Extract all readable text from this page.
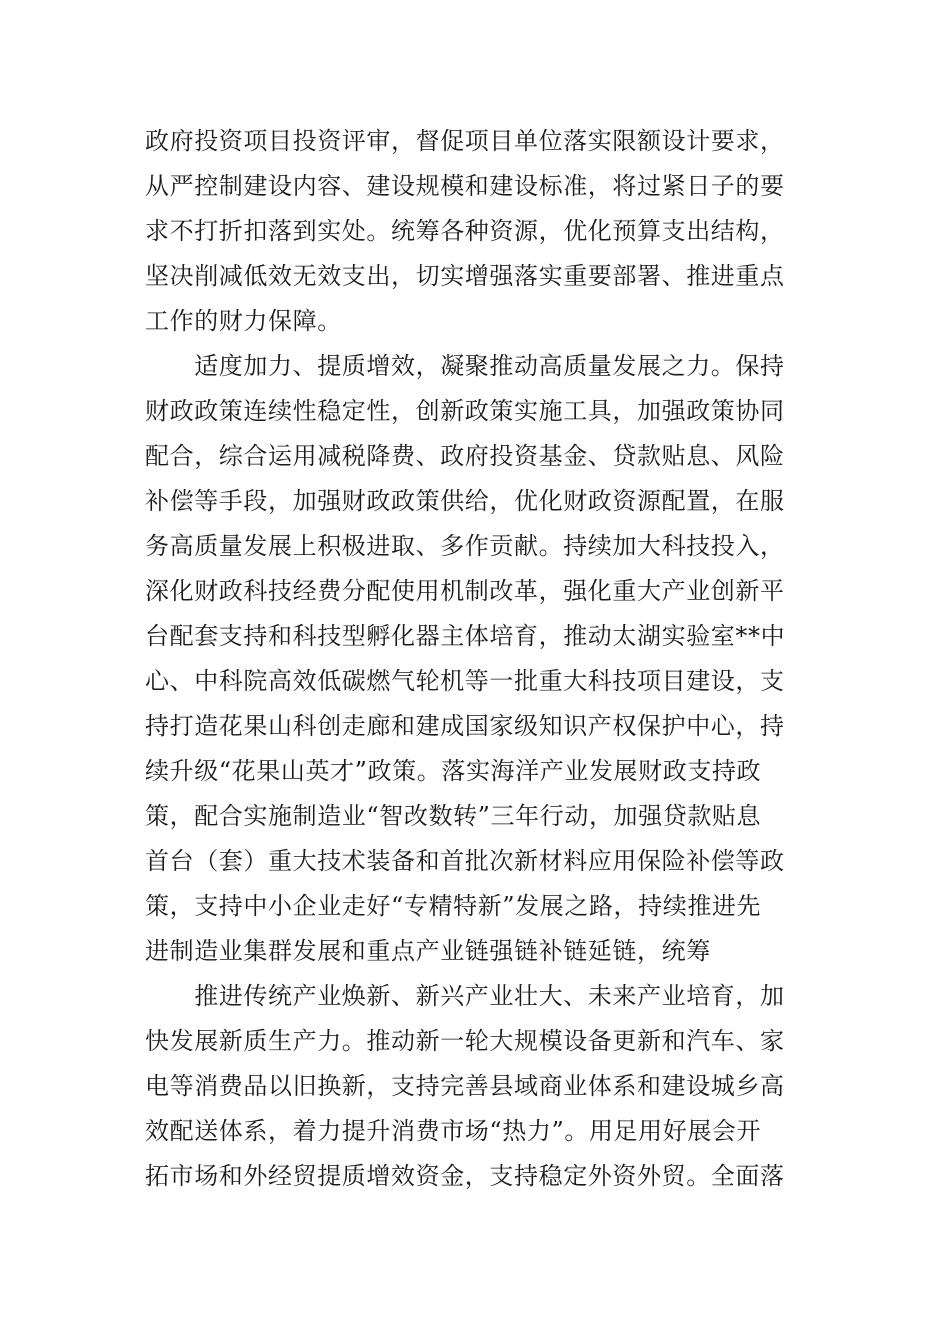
政府投资项目投资评审，督促项目单位落实限额设计要求，
从严控制建设内容、建设规模和建设标准，将过紧日子的要
求不打折扣落到实处。统筹各种资源，优化预算支出结构，
坚决削减低效无效支出，切实增强落实重要部署、推进重点
工作的财力保障。
　　适度加力、提质增效，凝聚推动高质量发展之力。保持
财政政策连续性稳定性，创新政策实施工具，加强政策协同
配合，综合运用减税降费、政府投资基金、贷款贴息、风险
补偿等手段，加强财政政策供给，优化财政资源配置，在服
务高质量发展上积极进取、多作贡献。持续加大科技投入，
深化财政科技经费分配使用机制改革，强化重大产业创新平
台配套支持和科技型孵化器主体培育，推动太湖实验室**中
心、中科院高效低碳燃气轮机等一批重大科技项目建设，支
持打造花果山科创走廊和建成国家级知识产权保护中心，持
续升级“花果山英才”政策。落实海洋产业发展财政支持政
策，配合实施制造业“智改数转”三年行动，加强贷款贴息
首台（套）重大技术装备和首批次新材料应用保险补偿等政
策，支持中小企业走好“专精特新”发展之路，持续推进先
进制造业集群发展和重点产业链强链补链延链，统筹
　　推进传统产业焕新、新兴产业壮大、未来产业培育，加
快发展新质生产力。推动新一轮大规模设备更新和汽车、家
电等消费品以旧换新，支持完善县域商业体系和建设城乡高
效配送体系，着力提升消费市场“热力”。用足用好展会开
拓市场和外经贸提质增效资金，支持稳定外资外贸。全面落
